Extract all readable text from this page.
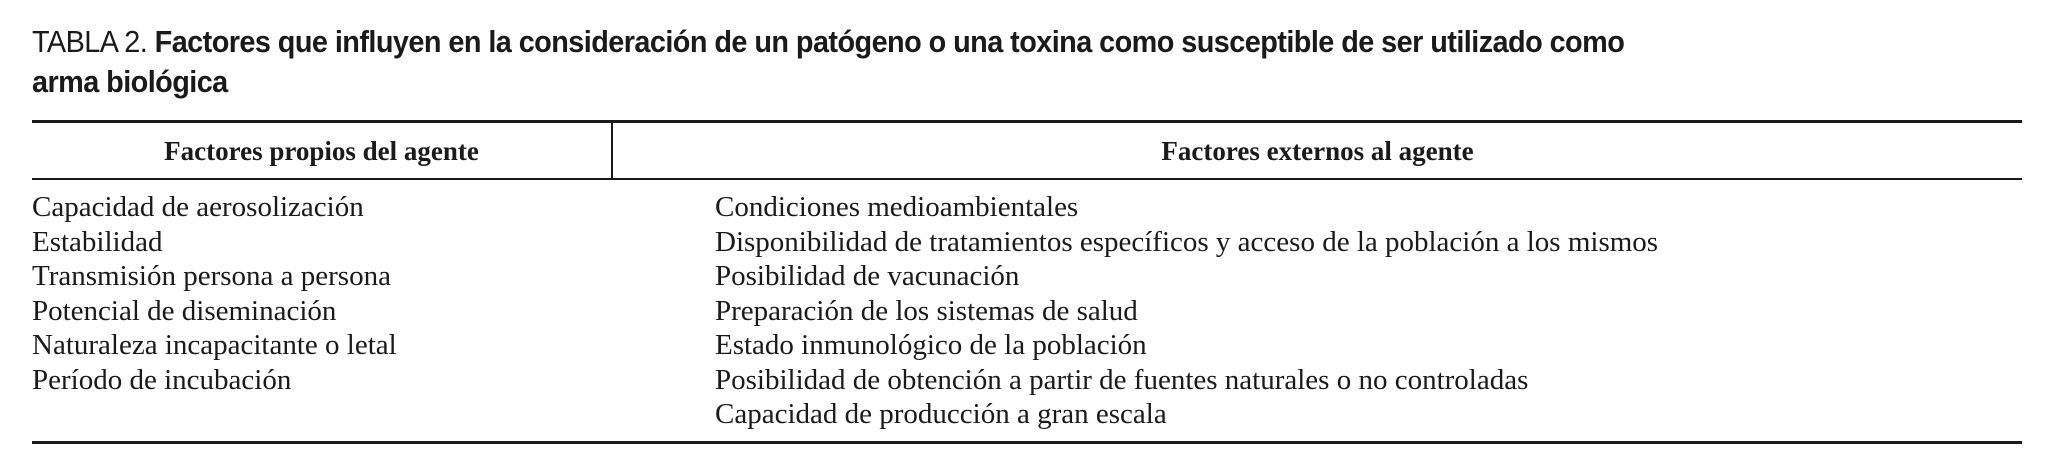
TABLA 2. Factores que influyen en la consideración de un patógeno o una toxina como susceptible de ser utilizado como arma biológica
Factores propios del agente	Factores externos al agente
Capacidad de aerosolización
Estabilidad
Transmisión persona a persona
Potencial de diseminación
Naturaleza incapacitante o letal
Período de incubación
Condiciones medioambientales
Disponibilidad de tratamientos específicos y acceso de la población a los mismos
Posibilidad de vacunación
Preparación de los sistemas de salud
Estado inmunológico de la población
Posibilidad de obtención a partir de fuentes naturales o no controladas
Capacidad de producción a gran escala
